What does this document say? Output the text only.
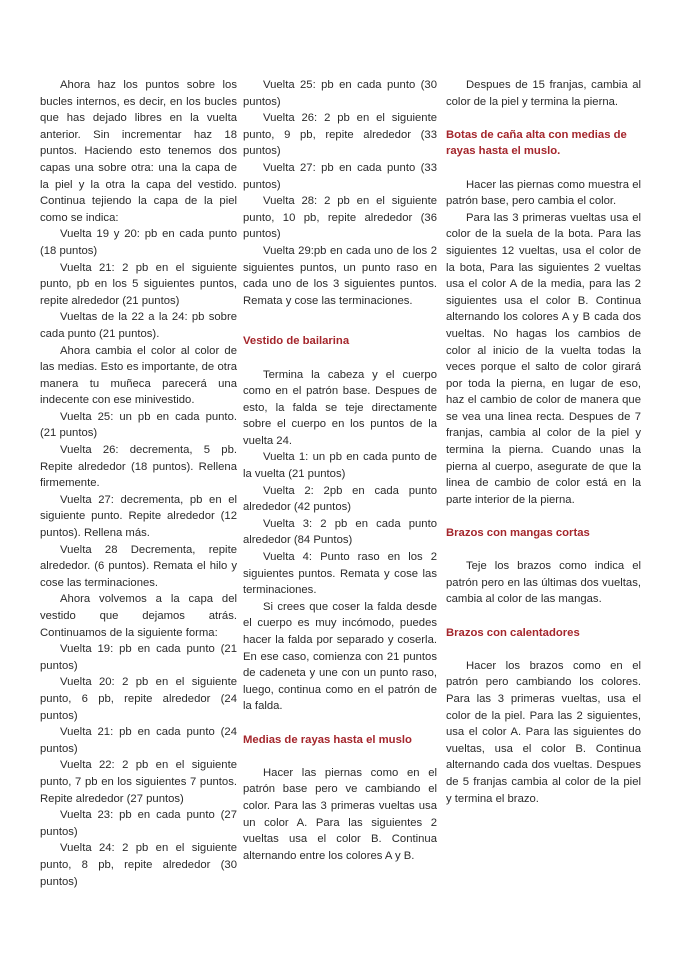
Ahora haz los puntos sobre los bucles internos, es decir, en los bucles que has dejado libres en la vuelta anterior. Sin incrementar haz 18 puntos. Haciendo esto tenemos dos capas una sobre otra: una la capa de la piel y la otra la capa del vestido. Continua tejiendo la capa de la piel como se indica:

Vuelta 19 y 20: pb en cada punto (18 puntos)

Vuelta 21: 2 pb en el siguiente punto, pb en los 5 siguientes puntos, repite alrededor (21 puntos)

Vueltas de la 22 a la 24: pb sobre cada punto (21 puntos).

Ahora cambia el color al color de las medias. Esto es importante, de otra manera tu muñeca parecerá una indecente con ese minivestido.

Vuelta 25: un pb en cada punto. (21 puntos)

Vuelta 26: decrementa, 5 pb. Repite alrededor (18 puntos). Rellena firmemente.

Vuelta 27: decrementa, pb en el siguiente punto. Repite alrededor (12 puntos). Rellena más.

Vuelta 28 Decrementa, repite alrededor. (6 puntos). Remata el hilo y cose las terminaciones.

Ahora volvemos a la capa del vestido que dejamos atrás. Continuamos de la siguiente forma:

Vuelta 19: pb en cada punto (21 puntos)

Vuelta 20: 2 pb en el siguiente punto, 6 pb, repite alrededor (24 puntos)

Vuelta 21: pb en cada punto (24 puntos)

Vuelta 22: 2 pb en el siguiente punto, 7 pb en los siguientes 7 puntos. Repite alrededor (27 puntos)

Vuelta 23: pb en cada punto (27 puntos)

Vuelta 24: 2 pb en el siguiente punto, 8 pb, repite alrededor (30 puntos)

Vuelta 25: pb en cada punto (30 puntos)

Vuelta 26: 2 pb en el siguiente punto, 9 pb, repite alrededor (33 puntos)

Vuelta 27: pb en cada punto (33 puntos)

Vuelta 28: 2 pb en el siguiente punto, 10 pb, repite alrededor (36 puntos)

Vuelta 29:pb en cada uno de los 2 siguientes puntos, un punto raso en cada uno de los 3 siguientes puntos. Remata y cose las terminaciones.

Vestido de bailarina

Termina la cabeza y el cuerpo como en el patrón base. Despues de esto, la falda se teje directamente sobre el cuerpo en los puntos de la vuelta 24.

Vuelta 1: un pb en cada punto de la vuelta (21 puntos)

Vuelta 2: 2pb en cada punto alrededor (42 puntos)

Vuelta 3: 2 pb en cada punto alrededor (84 Puntos)

Vuelta 4: Punto raso en los 2 siguientes puntos. Remata y cose las terminaciones.

Si crees que coser la falda desde el cuerpo es muy incómodo, puedes hacer la falda por separado y coserla. En ese caso, comienza con 21 puntos de cadeneta y une con un punto raso, luego, continua como en el patrón de la falda.

Medias de rayas hasta el muslo

Hacer las piernas como en el patrón base pero ve cambiando el color. Para las 3 primeras vueltas usa un color A. Para las siguientes 2 vueltas usa el color B. Continua alternando entre los colores A y B.

Despues de 15 franjas, cambia al color de la piel y termina la pierna.

Botas de caña alta con medias de rayas hasta el muslo.

Hacer las piernas como muestra el patrón base, pero cambia el color.

Para las 3 primeras vueltas usa el color de la suela de la bota. Para las siguientes 12 vueltas, usa el color de la bota, Para las siguientes 2 vueltas usa el color A de la media, para las 2 siguientes usa el color B. Continua alternando los colores A y B cada dos vueltas. No hagas los cambios de color al inicio de la vuelta todas la veces porque el salto de color girará por toda la pierna, en lugar de eso, haz el cambio de color de manera que se vea una linea recta. Despues de 7 franjas, cambia al color de la piel y termina la pierna. Cuando unas la pierna al cuerpo, asegurate de que la linea de cambio de color está en la parte interior de la pierna.

Brazos con mangas cortas

Teje los brazos como indica el patrón pero en las últimas dos vueltas, cambia al color de las mangas.

Brazos con calentadores

Hacer los brazos como en el patrón pero cambiando los colores. Para las 3 primeras vueltas, usa el color de la piel. Para las 2 siguientes, usa el color A. Para las siguientes do vueltas, usa el color B. Continua alternando cada dos vueltas. Despues de 5 franjas cambia al color de la piel y termina el brazo.
